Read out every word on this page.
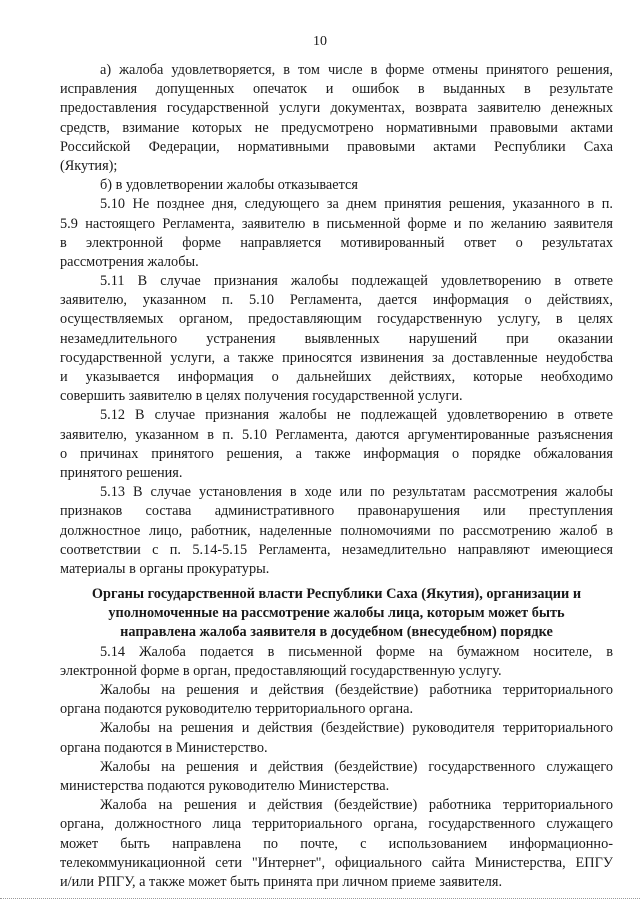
10
а) жалоба удовлетворяется, в том числе в форме отмены принятого решения,
исправления допущенных опечаток и ошибок в выданных в результате
предоставления государственной услуги документах, возврата заявителю денежных
средств, взимание которых не предусмотрено нормативными правовыми актами
Российской Федерации, нормативными правовыми актами Республики Саха
(Якутия);
б) в удовлетворении жалобы отказывается
5.10 Не позднее дня, следующего за днем принятия решения, указанного в п.
5.9 настоящего Регламента, заявителю в письменной форме и по желанию заявителя
в электронной форме направляется мотивированный ответ о результатах
рассмотрения жалобы.
5.11 В случае признания жалобы подлежащей удовлетворению в ответе
заявителю, указанном п. 5.10 Регламента, дается информация о действиях,
осуществляемых органом, предоставляющим государственную услугу, в целях
незамедлительного устранения выявленных нарушений при оказании
государственной услуги, а также приносятся извинения за доставленные неудобства
и указывается информация о дальнейших действиях, которые необходимо
совершить заявителю в целях получения государственной услуги.
5.12 В случае признания жалобы не подлежащей удовлетворению в ответе
заявителю, указанном в п. 5.10 Регламента, даются аргументированные разъяснения
о причинах принятого решения, а также информация о порядке обжалования
принятого решения.
5.13 В случае установления в ходе или по результатам рассмотрения жалобы
признаков состава административного правонарушения или преступления
должностное лицо, работник, наделенные полномочиями по рассмотрению жалоб в
соответствии с п. 5.14-5.15 Регламента, незамедлительно направляют имеющиеся
материалы в органы прокуратуры.
Органы государственной власти Республики Саха (Якутия), организации и
уполномоченные на рассмотрение жалобы лица, которым может быть
направлена жалоба заявителя в досудебном (внесудебном) порядке
5.14 Жалоба подается в письменной форме на бумажном носителе, в
электронной форме в орган, предоставляющий государственную услугу.
Жалобы на решения и действия (бездействие) работника территориального
органа подаются руководителю территориального органа.
Жалобы на решения и действия (бездействие) руководителя территориального
органа подаются в Министерство.
Жалобы на решения и действия (бездействие) государственного служащего
министерства подаются руководителю Министерства.
Жалоба на решения и действия (бездействие) работника территориального
органа, должностного лица территориального органа, государственного служащего
может быть направлена по почте, с использованием информационно-
телекоммуникационной сети "Интернет", официального сайта Министерства, ЕПГУ
и/или РПГУ, а также может быть принята при личном приеме заявителя.
